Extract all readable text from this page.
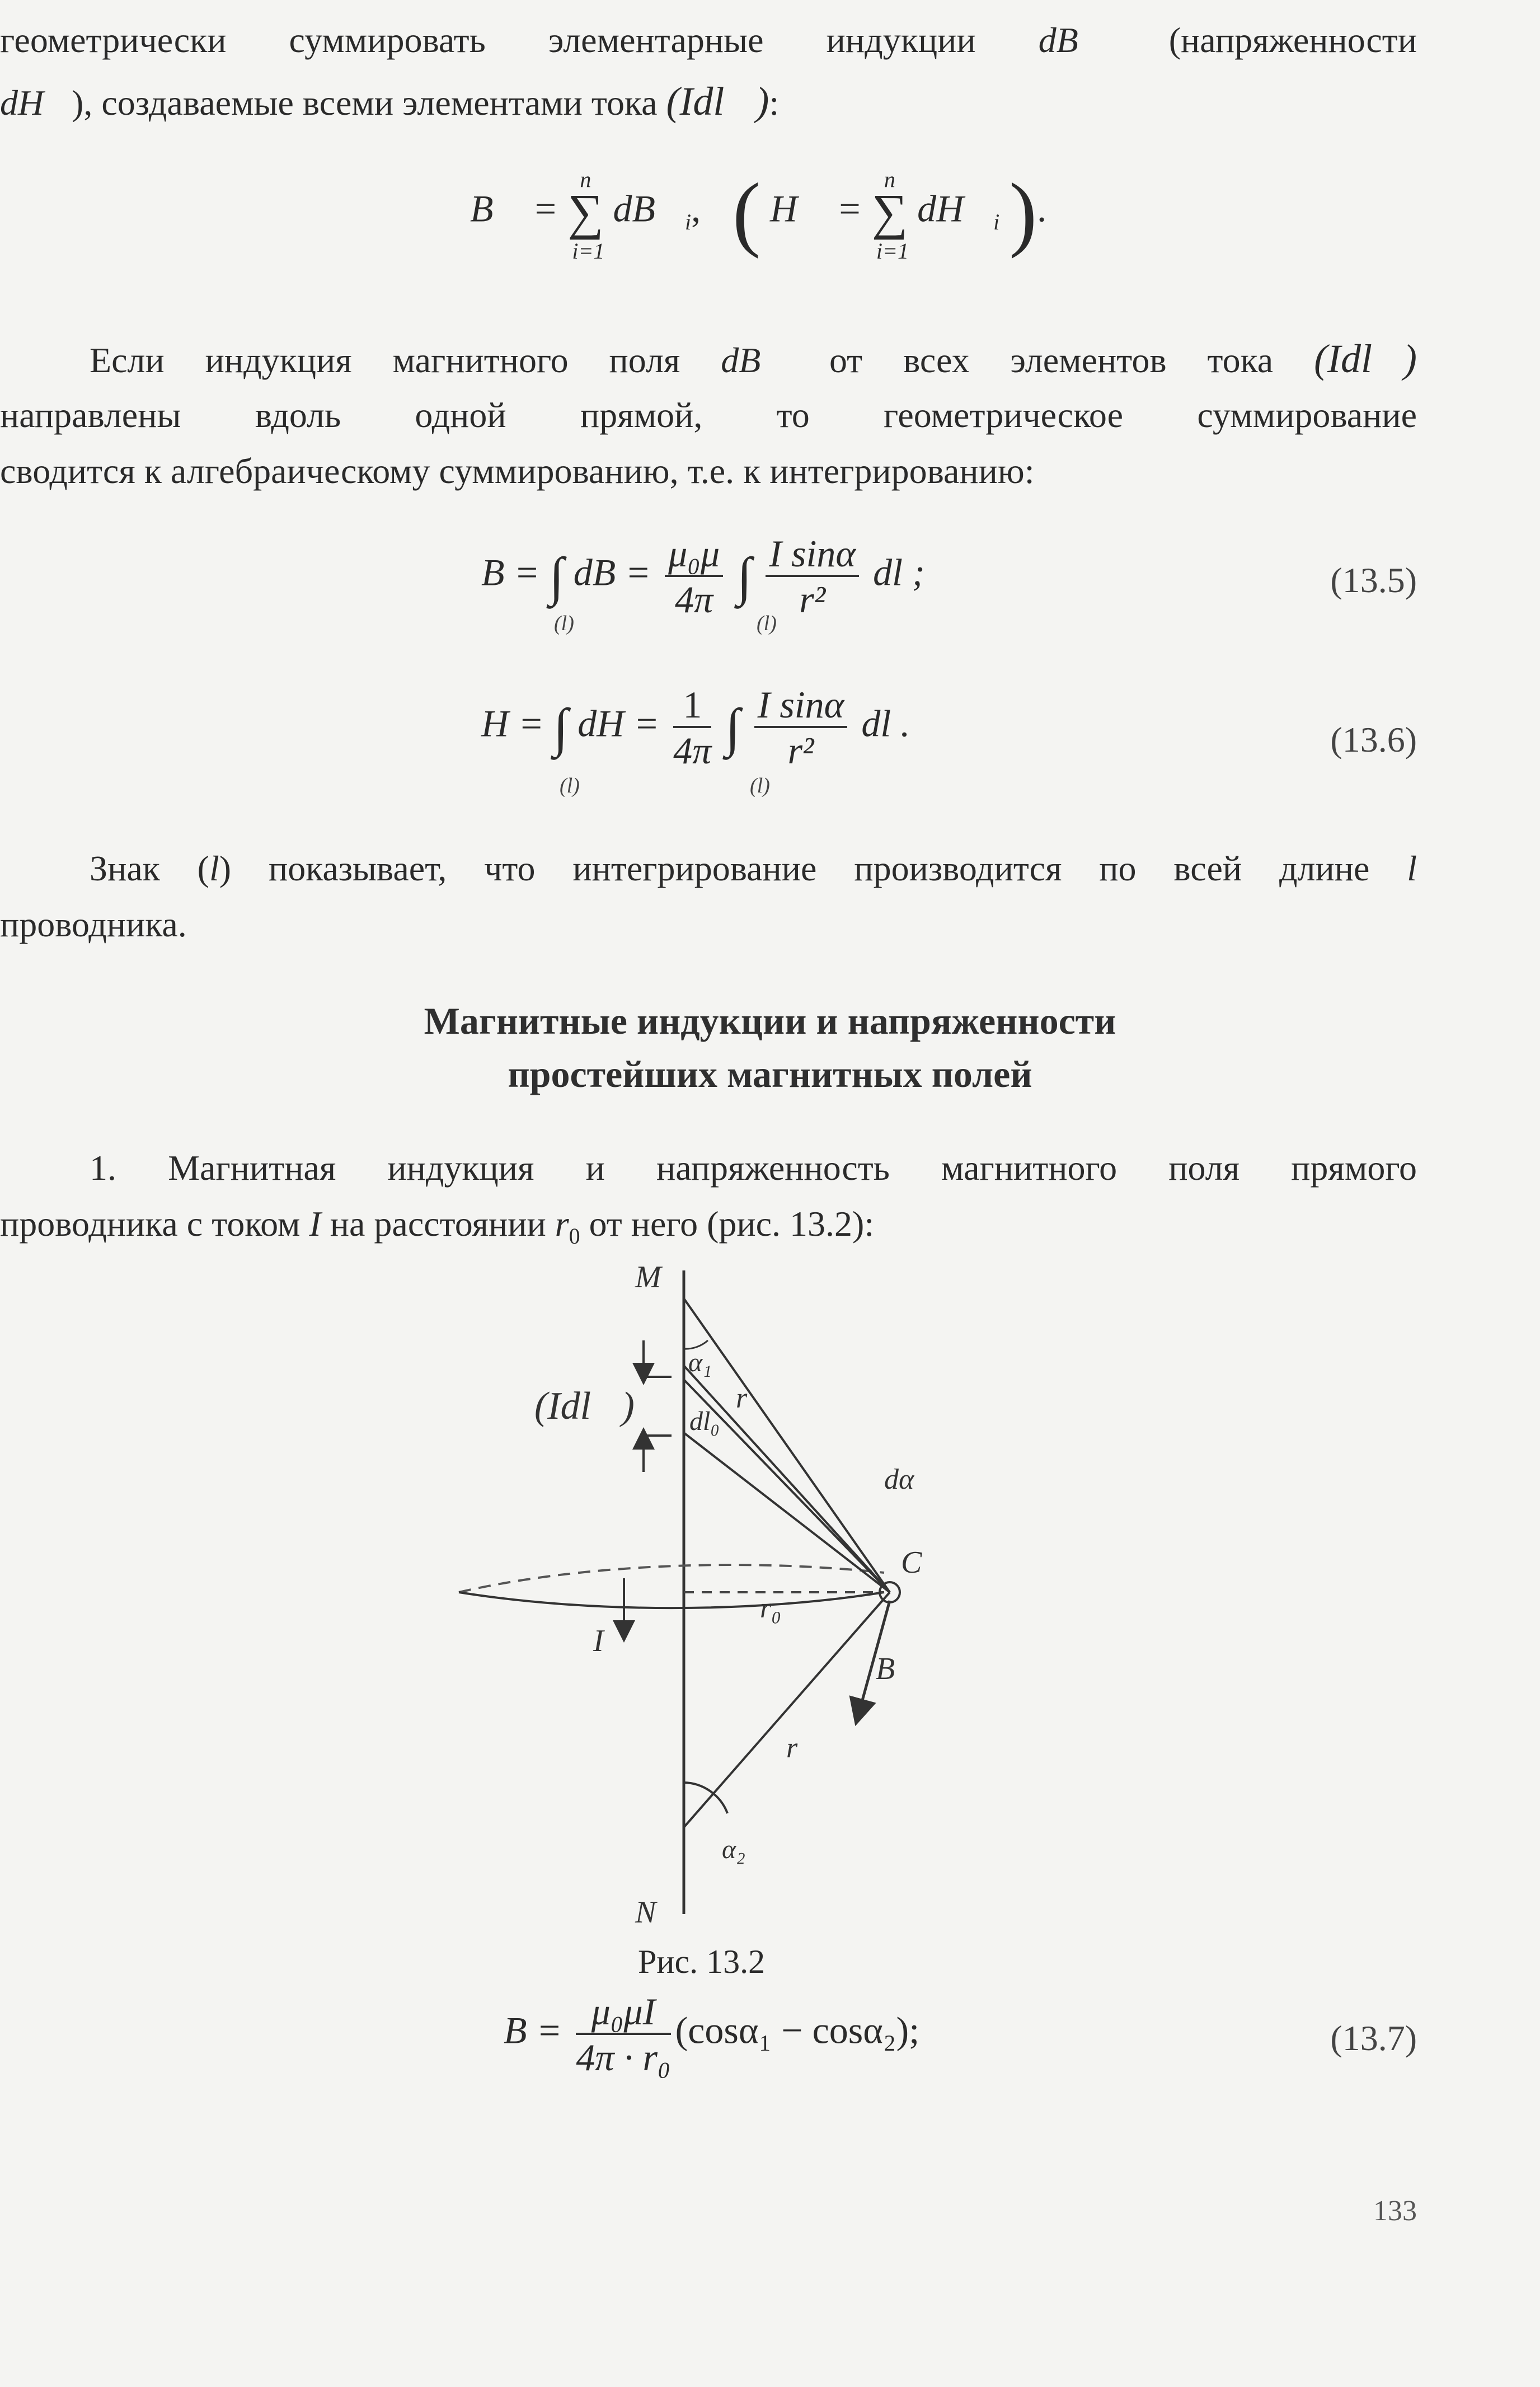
геометрически суммировать элементарные индукции dB⃗ (напряженности
dH⃗), создаваемые всеми элементами тока (Idl⃗):
B⃗ = ∑
n
i=1
$dB⃗_i$, ( H⃗ = ∑
n
i=1
$dH⃗_i$ ).
Если индукция магнитного поля dB⃗ от всех элементов тока (Idl⃗)
направлены вдоль одной прямой, то геометрическое суммирование
сводится к алгебраическому суммированию, т.е. к интегрированию:
B = ∫ dB = $\frac{\text{μ₀μ}}{4\pi}$ ∫ $\frac{\text{I sinα}}{\text{r²}}$ dl ;
(l)	(l)
(13.5)
H = ∫ dH = $\frac{1}{4\pi}$ ∫ $\frac{\text{I sinα}}{\text{r²}}$ dl .
(l)	(l)
(13.6)
Знак (l) показывает, что интегрирование производится по всей длине l
проводника.
Магнитные индукции и напряженности
простейших магнитных полей
1. Магнитная индукция и напряженность магнитного поля прямого
проводника с током I на расстоянии $r_0$ от него (рис. 13.2):
M
N
(Idl⃗)
α₁
r⃗
dl₀
dα
C
r₀
I
B⃗
r⃗
α₂
Рис. 13.2
$B = \frac{\text{μ₀μI}}{\text{4π · r₀}} (\cos\alpha_1 - \cos\alpha_2)$;	(13.7)
133
